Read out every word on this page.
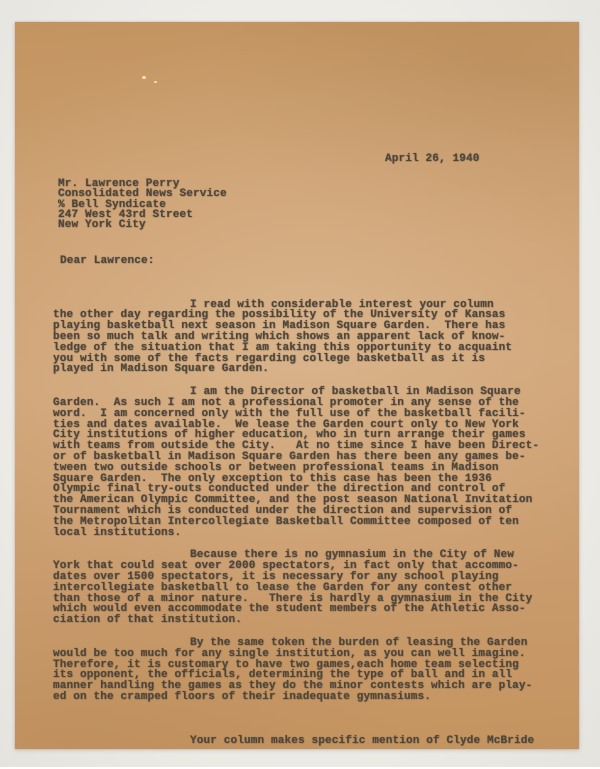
April 26, 1940
Mr. Lawrence Perry
Consolidated News Service
% Bell Syndicate
247 West 43rd Street
New York City
Dear Lawrence:

I read with considerable interest your column
the other day regarding the possibility of the University of Kansas
playing basketball next season in Madison Square Garden.  There has
been so much talk and writing which shows an apparent lack of know-
ledge of the situation that I am taking this opportunity to acquaint
you with some of the facts regarding college basketball as it is
played in Madison Square Garden.
I am the Director of basketball in Madison Square
Garden.  As such I am not a professional promoter in any sense of the
word.  I am concerned only with the full use of the basketball facili-
ties and dates available.  We lease the Garden court only to New York
City institutions of higher education, who in turn arrange their games
with teams from outside the City.   At no time since I have been Direct-
or of basketball in Madison Square Garden has there been any games be-
tween two outside schools or between professional teams in Madison
Square Garden.  The only exception to this case has been the 1936
Olympic final try-outs conducted under the direction and control of
the American Olympic Committee, and the post season National Invitation
Tournament which is conducted under the direction and supervision of
the Metropolitan Intercollegiate Basketball Committee composed of ten
local institutions.
Because there is no gymnasium in the City of New
York that could seat over 2000 spectators, in fact only that accommo-
dates over 1500 spectators, it is necessary for any school playing
intercollegiate basketball to lease the Garden for any contest other
than those of a minor nature.   There is hardly a gymnasium in the City
which would even accommodate the student members of the Athletic Asso-
ciation of that institution.
By the same token the burden of leasing the Garden
would be too much for any single institution, as you can well imagine.
Therefore, it is customary to have two games,each home team selecting
its opponent, the officials, determining the type of ball and in all
manner handling the games as they do the minor contests which are play-
ed on the cramped floors of their inadequate gymnasiums.

Your column makes specific mention of Clyde McBride
